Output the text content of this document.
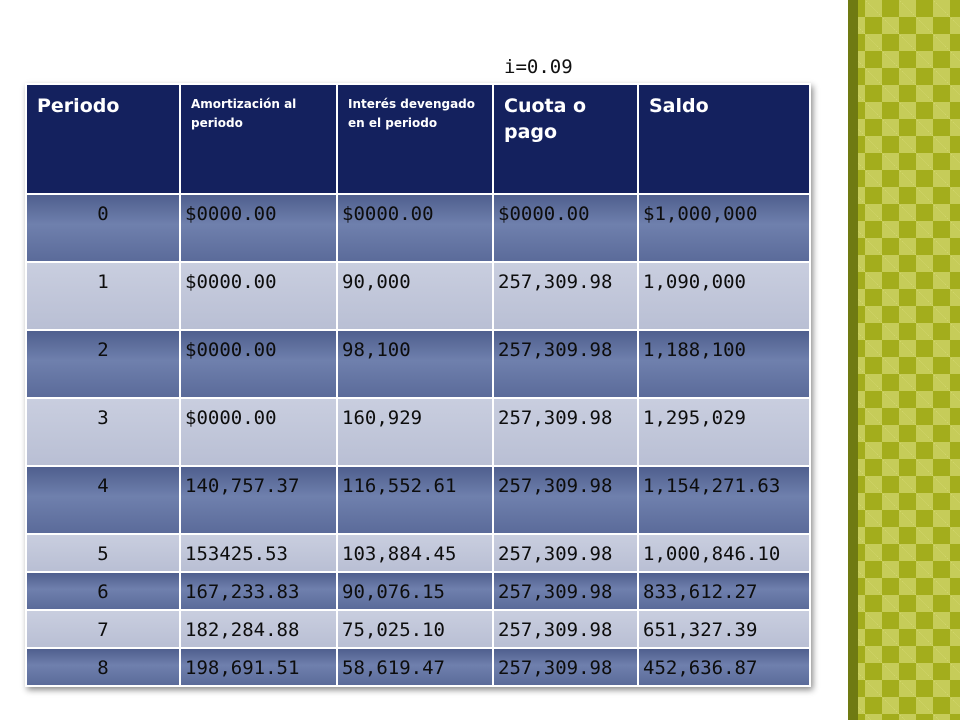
i=0.09
Periodo	Amortización al periodo	Interés devengado en el periodo	Cuota o pago	Saldo
0	$0000.00	$0000.00	$0000.00	$1,000,000
1	$0000.00	90,000	257,309.98	1,090,000
2	$0000.00	98,100	257,309.98	1,188,100
3	$0000.00	160,929	257,309.98	1,295,029
4	140,757.37	116,552.61	257,309.98	1,154,271.63
5	153425.53	103,884.45	257,309.98	1,000,846.10
6	167,233.83	90,076.15	257,309.98	833,612.27
7	182,284.88	75,025.10	257,309.98	651,327.39
8	198,691.51	58,619.47	257,309.98	452,636.87
